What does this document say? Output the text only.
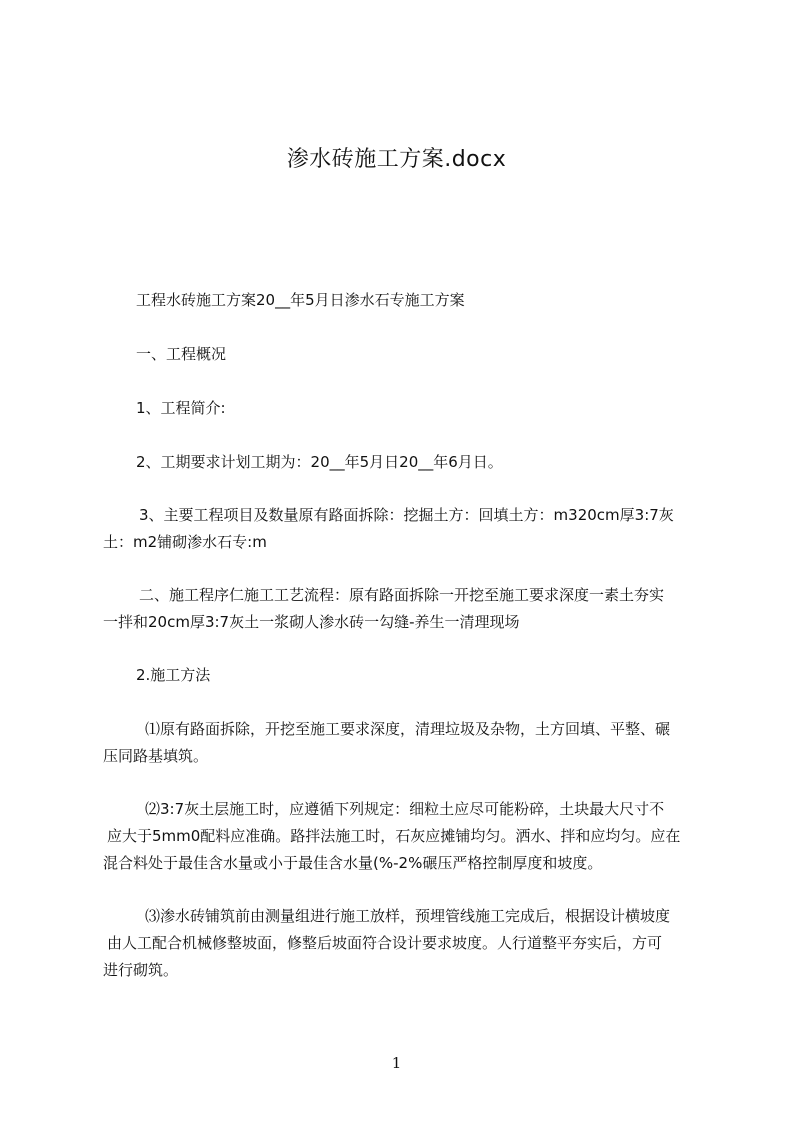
渗水砖施工方案.docx
工程水砖施工方案20__年5月日渗水石专施工方案
一、工程概况
1、工程简介:
2、工期要求计划工期为：20__年5月日20__年6月日。
3、主要工程项目及数量原有路面拆除：挖掘土方：回填土方：m320cm厚3:7灰
土：m2铺砌渗水石专:m
二、施工程序仁施工工艺流程：原有路面拆除一开挖至施工要求深度一素土夯实
一拌和20cm厚3:7灰土一浆砌人渗水砖一勾缝-养生一清理现场
2.施工方法
⑴原有路面拆除，开挖至施工要求深度，清理垃圾及杂物，土方回填、平整、碾
压同路基填筑。
⑵3:7灰土层施工时，应遵循下列规定：细粒土应尽可能粉碎，土块最大尺寸不
应大于5mm0配料应准确。路拌法施工时，石灰应摊铺均匀。洒水、拌和应均匀。应在
混合料处于最佳含水量或小于最佳含水量(%-2%碾压严格控制厚度和坡度。
⑶渗水砖铺筑前由测量组进行施工放样，预埋管线施工完成后，根据设计横坡度
由人工配合机械修整坡面，修整后坡面符合设计要求坡度。人行道整平夯实后，方可
进行砌筑。
1
